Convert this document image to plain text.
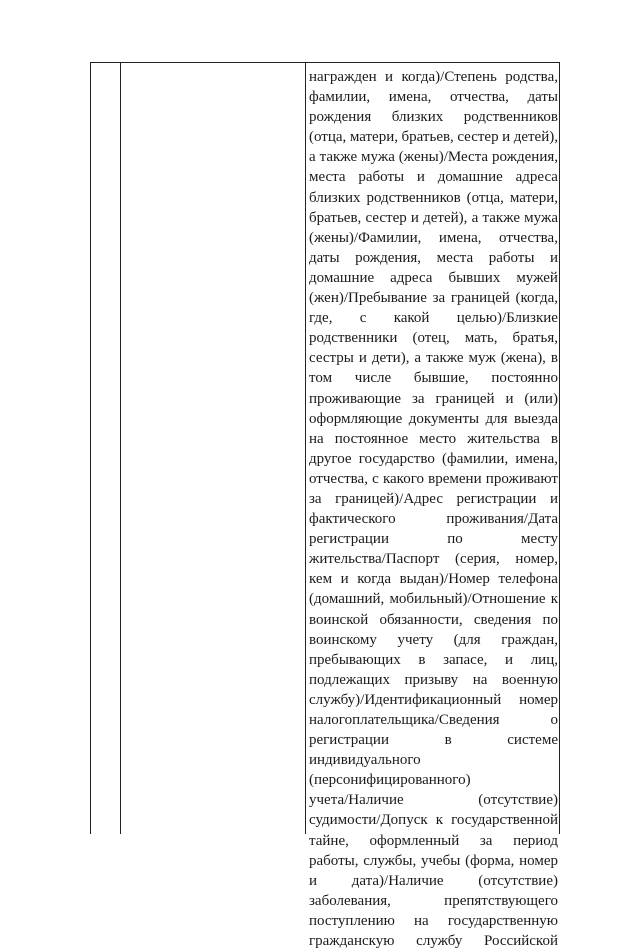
награжден и когда)/Степень родства,
фамилии, имена, отчества, даты
рождения близких родственников
(отца, матери, братьев, сестер и детей),
а также мужа (жены)/Места рождения,
места работы и домашние адреса
близких родственников (отца, матери,
братьев, сестер и детей), а также мужа
(жены)/Фамилии, имена, отчества,
даты рождения, места работы и
домашние адреса бывших мужей
(жен)/Пребывание за границей (когда,
где, с какой целью)/Близкие
родственники (отец, мать, братья,
сестры и дети), а также муж (жена), в
том числе бывшие, постоянно
проживающие за границей и (или)
оформляющие документы для выезда
на постоянное место жительства в
другое государство (фамилии, имена,
отчества, с какого времени проживают
за границей)/Адрес регистрации и
фактического	проживания/Дата
регистрации	по	месту
жительства/Паспорт (серия, номер,
кем и когда выдан)/Номер телефона
(домашний, мобильный)/Отношение к
воинской обязанности, сведения по
воинскому учету (для граждан,
пребывающих в запасе, и лиц,
подлежащих призыву на военную
службу)/Идентификационный номер
налогоплательщика/Сведения	о
регистрации	в	системе
индивидуального
(персонифицированного)
учета/Наличие	(отсутствие)
судимости/Допуск к государственной
тайне, оформленный за период
работы, службы, учебы (форма, номер
и дата)/Наличие (отсутствие)
заболевания,	препятствующего
поступлению на государственную
гражданскую службу Российской
